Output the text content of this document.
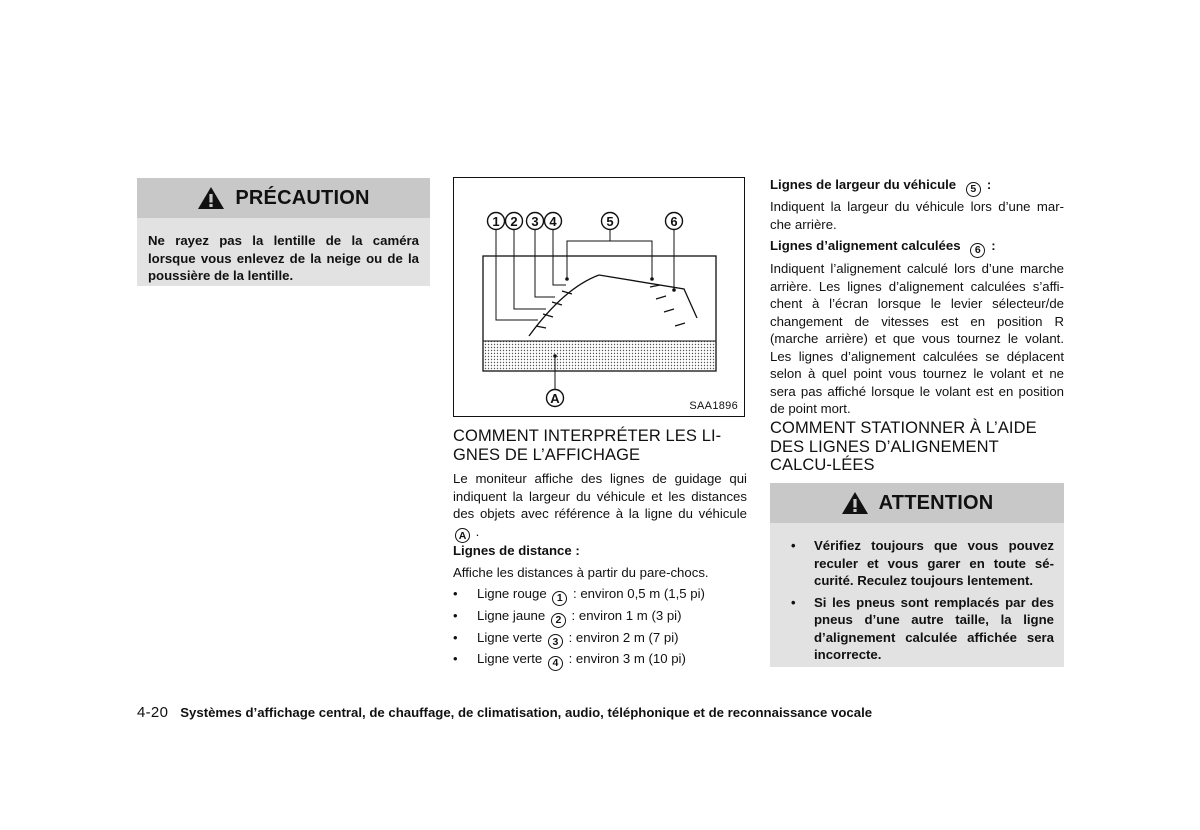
PRÉCAUTION
Ne rayez pas la lentille de la caméra lorsque vous enlevez de la neige ou de la poussière de la lentille.
1 2 3 4	5	6
A	SAA1896
COMMENT INTERPRÉTER LES LI-GNES DE L’AFFICHAGE
Le moniteur affiche des lignes de guidage qui indiquent la largeur du véhicule et les distances des objets avec référence à la ligne du véhicule A .
Lignes de distance :
Affiche les distances à partir du pare-chocs.
• Ligne rouge 1 : environ 0,5 m (1,5 pi)
• Ligne jaune 2 : environ 1 m (3 pi)
• Ligne verte 3 : environ 2 m (7 pi)
• Ligne verte 4 : environ 3 m (10 pi)
Lignes de largeur du véhicule 5 :
Indiquent la largeur du véhicule lors d’une mar-che arrière.
Lignes d’alignement calculées 6 :
Indiquent l’alignement calculé lors d’une marche arrière. Les lignes d’alignement calculées s’affi-chent à l’écran lorsque le levier sélecteur/de changement de vitesses est en position R (marche arrière) et que vous tournez le volant. Les lignes d’alignement calculées se déplacent selon à quel point vous tournez le volant et ne sera pas affiché lorsque le volant est en position de point mort.
COMMENT STATIONNER À L’AIDE DES LIGNES D’ALIGNEMENT CALCU-LÉES
ATTENTION
• Vérifiez toujours que vous pouvez reculer et vous garer en toute sé-curité. Reculez toujours lentement.
• Si les pneus sont remplacés par des pneus d’une autre taille, la ligne d’alignement calculée affichée sera incorrecte.
4-20 Systèmes d’affichage central, de chauffage, de climatisation, audio, téléphonique et de reconnaissance vocale
